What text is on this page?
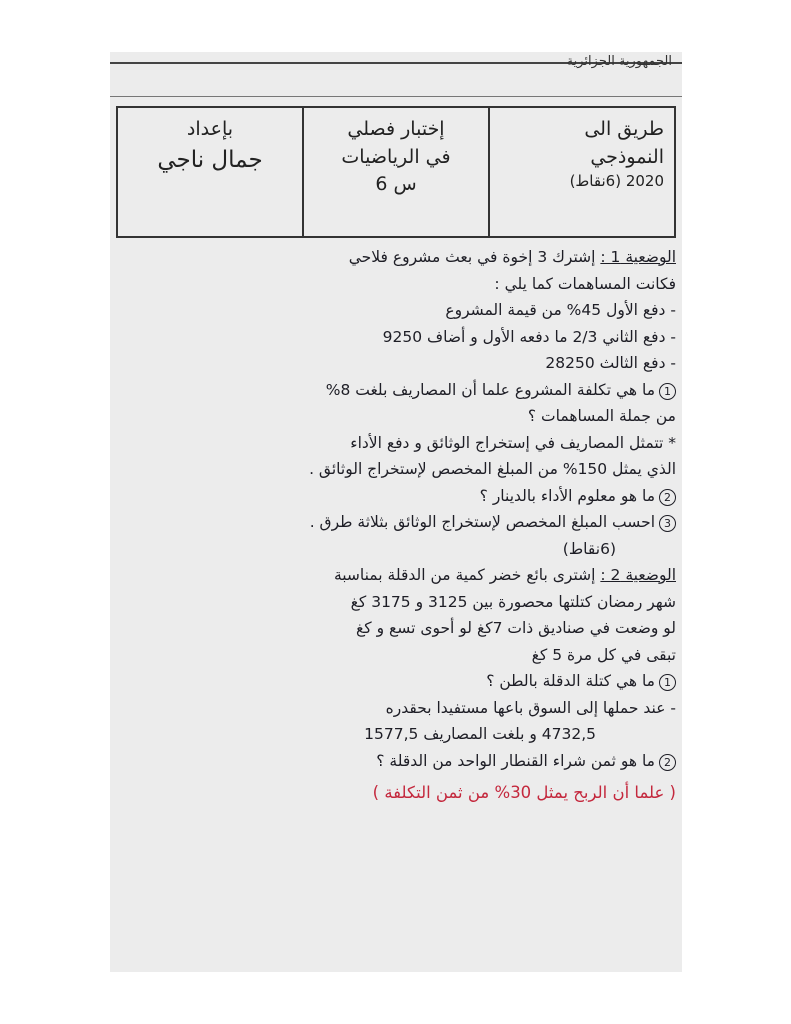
الجمهورية الجزائرية
طريق الى
النموذجي
2020 (6نقاط)
إختبار فصلي
في الرياضيات
س 6
بإعداد
جمال ناجي
الوضعية 1 : إشترك 3 إخوة في بعث مشروع فلاحي
فكانت المساهمات كما يلي :
- دفع الأول 45% من قيمة المشروع
- دفع الثاني 2/3 ما دفعه الأول و أضاف 9250
- دفع الثالث 28250
1ما هي تكلفة المشروع علما أن المصاريف بلغت 8%
من جملة المساهمات ؟
* تتمثل المصاريف في إستخراج الوثائق و دفع الأداء
الذي يمثل 150% من المبلغ المخصص لإستخراج الوثائق .
2ما هو معلوم الأداء بالدينار ؟
3احسب المبلغ المخصص لإستخراج الوثائق بثلاثة طرق .
(6نقاط)
الوضعية 2 : إشترى بائع خضر كمية من الدقلة بمناسبة
شهر رمضان كتلتها محصورة بين 3125 و 3175 كغ
لو وضعت في صناديق ذات 7كغ لو أحوى تسع و كغ
تبقى في كل مرة 5 كغ
1ما هي كتلة الدقلة بالطن ؟
- عند حملها إلى السوق باعها مستفيدا بحقدره
4732,5 و بلغت المصاريف 1577,5
2ما هو ثمن شراء القنطار الواحد من الدقلة ؟
( علما أن الربح يمثل 30% من ثمن التكلفة )
